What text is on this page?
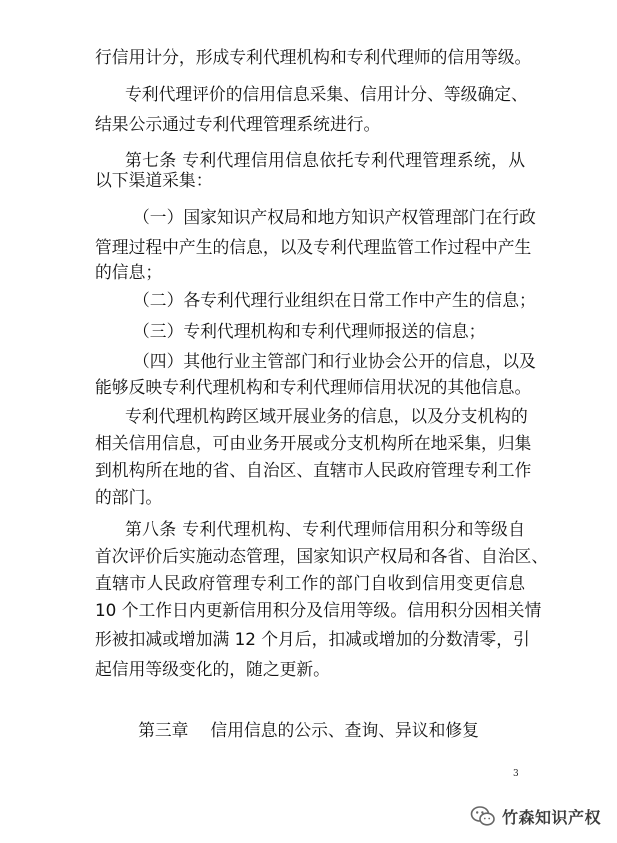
行信用计分，形成专利代理机构和专利代理师的信用等级。
专利代理评价的信用信息采集、信用计分、等级确定、
结果公示通过专利代理管理系统进行。
第七条 专利代理信用信息依托专利代理管理系统，从
以下渠道采集：
（一）国家知识产权局和地方知识产权管理部门在行政
管理过程中产生的信息，以及专利代理监管工作过程中产生
的信息；
（二）各专利代理行业组织在日常工作中产生的信息；
（三）专利代理机构和专利代理师报送的信息；
（四）其他行业主管部门和行业协会公开的信息，以及
能够反映专利代理机构和专利代理师信用状况的其他信息。
专利代理机构跨区域开展业务的信息，以及分支机构的
相关信用信息，可由业务开展或分支机构所在地采集，归集
到机构所在地的省、自治区、直辖市人民政府管理专利工作
的部门。
第八条 专利代理机构、专利代理师信用积分和等级自
首次评价后实施动态管理，国家知识产权局和各省、自治区、
直辖市人民政府管理专利工作的部门自收到信用变更信息
10 个工作日内更新信用积分及信用等级。信用积分因相关情
形被扣减或增加满 12 个月后，扣减或增加的分数清零，引
起信用等级变化的，随之更新。
第三章 信用信息的公示、查询、异议和修复
3
竹森知识产权
